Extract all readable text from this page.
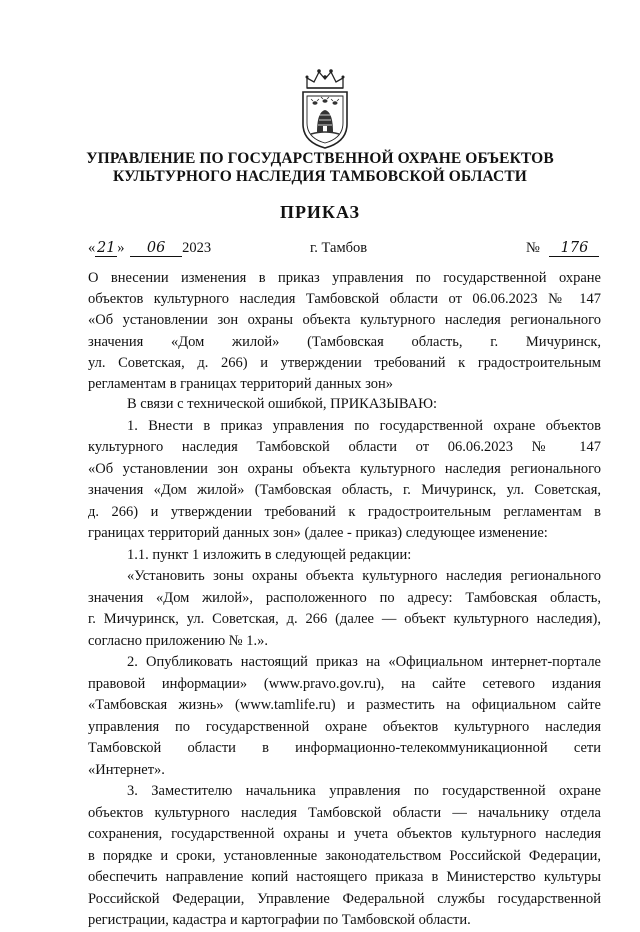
УПРАВЛЕНИЕ ПО ГОСУДАРСТВЕННОЙ ОХРАНЕ ОБЪЕКТОВ
КУЛЬТУРНОГО НАСЛЕДИЯ ТАМБОВСКОЙ ОБЛАСТИ
ПРИКАЗ
« 21 » 06 2023	г. Тамбов	№ 176
О внесении изменения в приказ управления по государственной охране
объектов культурного наследия Тамбовской области от 06.06.2023 № 147
«Об установлении зон охраны объекта культурного наследия регионального
значения «Дом жилой» (Тамбовская область, г. Мичуринск,
ул. Советская, д. 266) и утверждении требований к градостроительным
регламентам в границах территорий данных зон»
В связи с технической ошибкой, ПРИКАЗЫВАЮ:
1. Внести в приказ управления по государственной охране объектов
культурного наследия Тамбовской области от 06.06.2023 № 147
«Об установлении зон охраны объекта культурного наследия регионального
значения «Дом жилой» (Тамбовская область, г. Мичуринск, ул. Советская,
д. 266) и утверждении требований к градостроительным регламентам в
границах территорий данных зон» (далее - приказ) следующее изменение:
1.1. пункт 1 изложить в следующей редакции:
«Установить зоны охраны объекта культурного наследия регионального
значения «Дом жилой», расположенного по адресу: Тамбовская область,
г. Мичуринск, ул. Советская, д. 266 (далее — объект культурного наследия),
согласно приложению № 1.».
2. Опубликовать настоящий приказ на «Официальном интернет-портале
правовой информации» (www.pravo.gov.ru), на сайте сетевого издания
«Тамбовская жизнь» (www.tamlife.ru) и разместить на официальном сайте
управления по государственной охране объектов культурного наследия
Тамбовской области в информационно-телекоммуникационной сети
«Интернет».
3. Заместителю начальника управления по государственной охране
объектов культурного наследия Тамбовской области — начальнику отдела
сохранения, государственной охраны и учета объектов культурного наследия
в порядке и сроки, установленные законодательством Российской Федерации,
обеспечить направление копий настоящего приказа в Министерство культуры
Российской Федерации, Управление Федеральной службы государственной
регистрации, кадастра и картографии по Тамбовской области.
